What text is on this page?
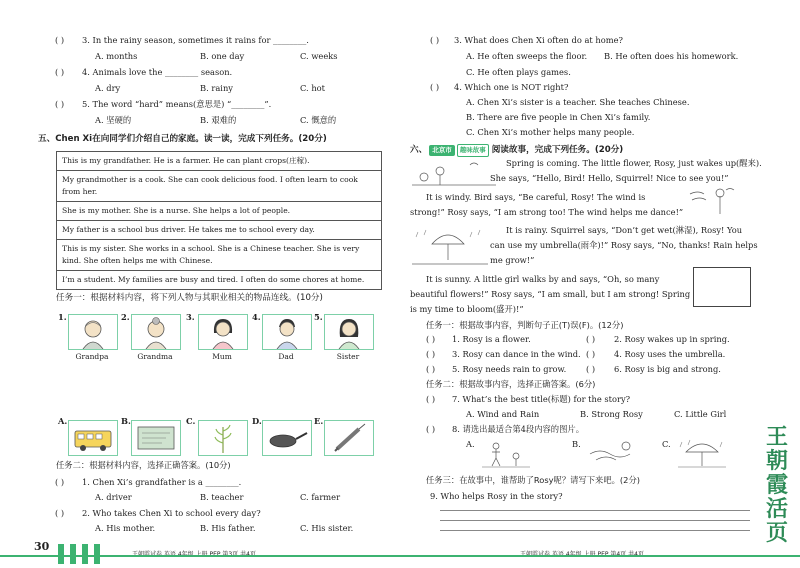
( ) 3. In the rainy season, sometimes it rains for ________.
A. months	B. one day	C. weeks
( ) 4. Animals love the ________ season.
A. dry	B. rainy	C. hot
( ) 5. The word “hard” means(意思是) “________”.
A. 坚硬的	B. 艰难的	C. 慨意的
五、Chen Xi在向同学们介绍自己的家庭。读一读，完成下列任务。(20分)
This is my grandfather. He is a farmer. He can plant crops(庄稼).
My grandmother is a cook. She can cook delicious food. I often learn to cook from her.
She is my mother. She is a nurse. She helps a lot of people.
My father is a school bus driver. He takes me to school every day.
This is my sister. She works in a school. She is a Chinese teacher. She is very kind. She often helps me with Chinese.
I’m a student. My families are busy and tired. I often do some chores at home.
任务一：根据材料内容，将下列人物与其职业相关的物品连线。(10分)
1.
Grandpa
2.
Grandma
3.
Mum
4.
Dad
5.
Sister
A.	B.	C.	D.	E.
任务二：根据材料内容，选择正确答案。(10分)
( ) 1. Chen Xi’s grandfather is a ________.
A. driver	B. teacher	C. farmer
( ) 2. Who takes Chen Xi to school every day?
A. His mother.	B. His father.	C. His sister.
30
( ) 3. What does Chen Xi often do at home?
A. He often sweeps the floor. B. He often does his homework.
C. He often plays games.
( ) 4. Which one is NOT right?
A. Chen Xi’s sister is a teacher. She teaches Chinese.
B. There are five people in Chen Xi’s family.
C. Chen Xi’s mother helps many people.
六、 北京市 趣味故事 阅读故事，完成下列任务。(20分)
Spring is coming. The little flower, Rosy, just wakes up(醒来).
She says, “Hello, Bird! Hello, Squirrel! Nice to see you!”
It is windy. Bird says, “Be careful, Rosy! The wind is
strong!” Rosy says, “I am strong too! The wind helps me dance!”
It is rainy. Squirrel says, “Don’t get wet(淋湿), Rosy! You
can use my umbrella(雨伞)!” Rosy says, “No, thanks! Rain helps
me grow!”
It is sunny. A little girl walks by and says, “Oh, so many
beautiful flowers!” Rosy says, “I am small, but I am strong! Spring
is my time to bloom(盛开)!”
任务一：根据故事内容，判断句子正(T)误(F)。(12分)
( ) 1. Rosy is a flower.	( ) 2. Rosy wakes up in spring.
( ) 3. Rosy can dance in the wind. ( ) 4. Rosy uses the umbrella.
( ) 5. Rosy needs rain to grow. ( ) 6. Rosy is big and strong.
任务二：根据故事内容，选择正确答案。(6分)
( ) 7. What’s the best title(标题) for the story?
A. Wind and Rain	B. Strong Rosy	C. Little Girl
( ) 8. 请选出最适合第4段内容的图片。
A.	B.	C.
任务三：在故事中，谁帮助了Rosy呢？请写下来吧。(2分)
9. Who helps Rosy in the story?
王
朝
霞
活
页
